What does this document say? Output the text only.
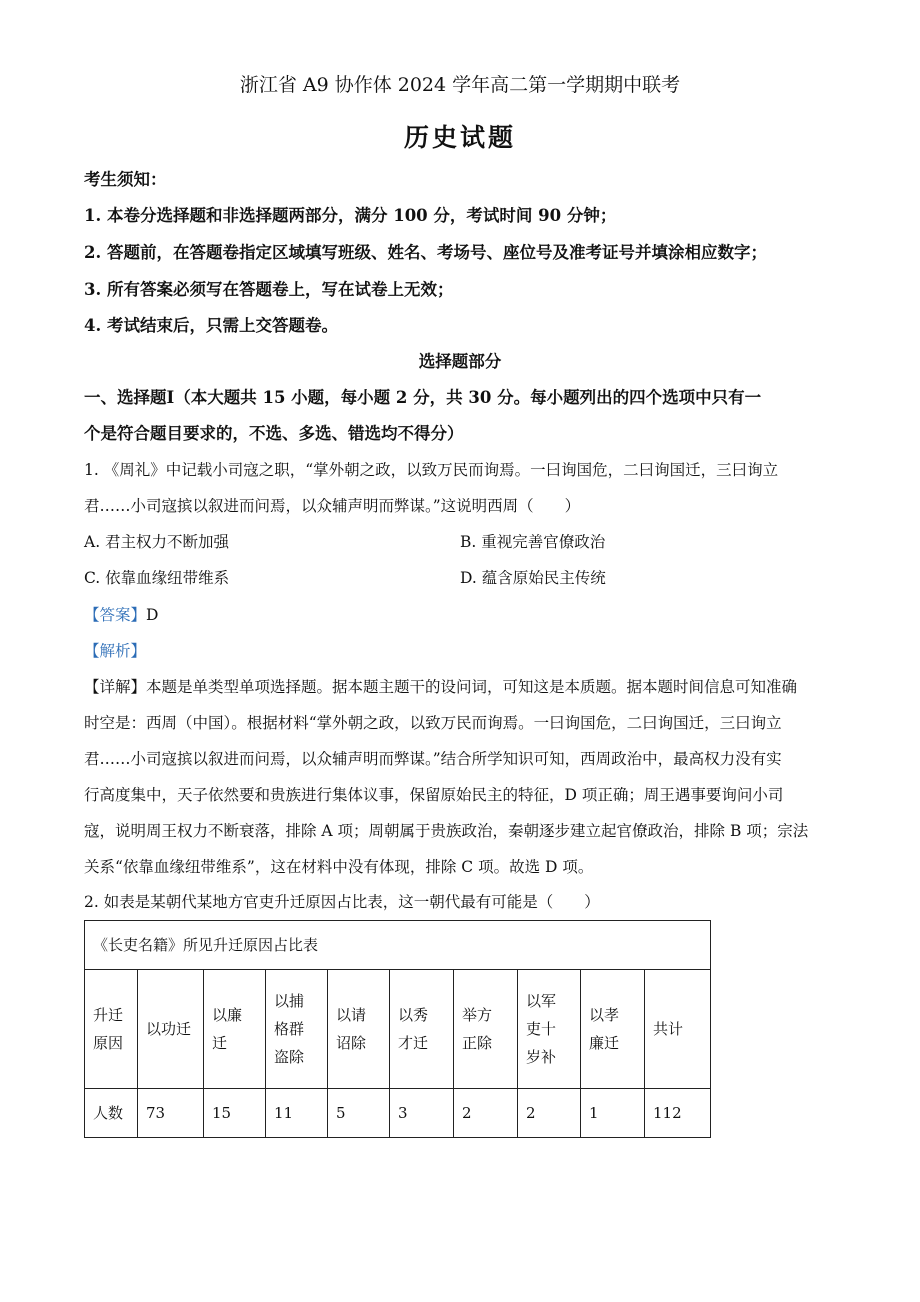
浙江省 A9 协作体 2024 学年高二第一学期期中联考
历史试题
考生须知：
1. 本卷分选择题和非选择题两部分，满分 100 分，考试时间 90 分钟；
2. 答题前，在答题卷指定区域填写班级、姓名、考场号、座位号及准考证号并填涂相应数字；
3. 所有答案必须写在答题卷上，写在试卷上无效；
4. 考试结束后，只需上交答题卷。
选择题部分
一、选择题Ⅰ（本大题共 15 小题，每小题 2 分，共 30 分。每小题列出的四个选项中只有一
个是符合题目要求的，不选、多选、错选均不得分）
1. 《周礼》中记载小司寇之职，“掌外朝之政，以致万民而询焉。一曰询国危，二曰询国迁，三曰询立
君……小司寇摈以叙进而问焉，以众辅声明而弊谋。”这说明西周（　　）
A. 君主权力不断加强	B. 重视完善官僚政治
C. 依靠血缘纽带维系	D. 蕴含原始民主传统
【答案】D
【解析】
【详解】本题是单类型单项选择题。据本题主题干的设问词，可知这是本质题。据本题时间信息可知准确
时空是：西周（中国）。根据材料“掌外朝之政，以致万民而询焉。一曰询国危，二曰询国迁，三曰询立
君……小司寇摈以叙进而问焉，以众辅声明而弊谋。”结合所学知识可知，西周政治中，最高权力没有实
行高度集中，天子依然要和贵族进行集体议事，保留原始民主的特征，D 项正确；周王遇事要询问小司
寇，说明周王权力不断衰落，排除 A 项；周朝属于贵族政治，秦朝逐步建立起官僚政治，排除 B 项；宗法
关系“依靠血缘纽带维系”，这在材料中没有体现，排除 C 项。故选 D 项。
2. 如表是某朝代某地方官吏升迁原因占比表，这一朝代最有可能是（　　）
《长吏名籍》所见升迁原因占比表									

升迁原因	以功迁	以廉迁	以捕格群盗除	以请诏除	以秀才迁	举方正除	以军吏十岁补	以孝廉迁	共计

人数	73	15	11	5	3	2	2	1	112
